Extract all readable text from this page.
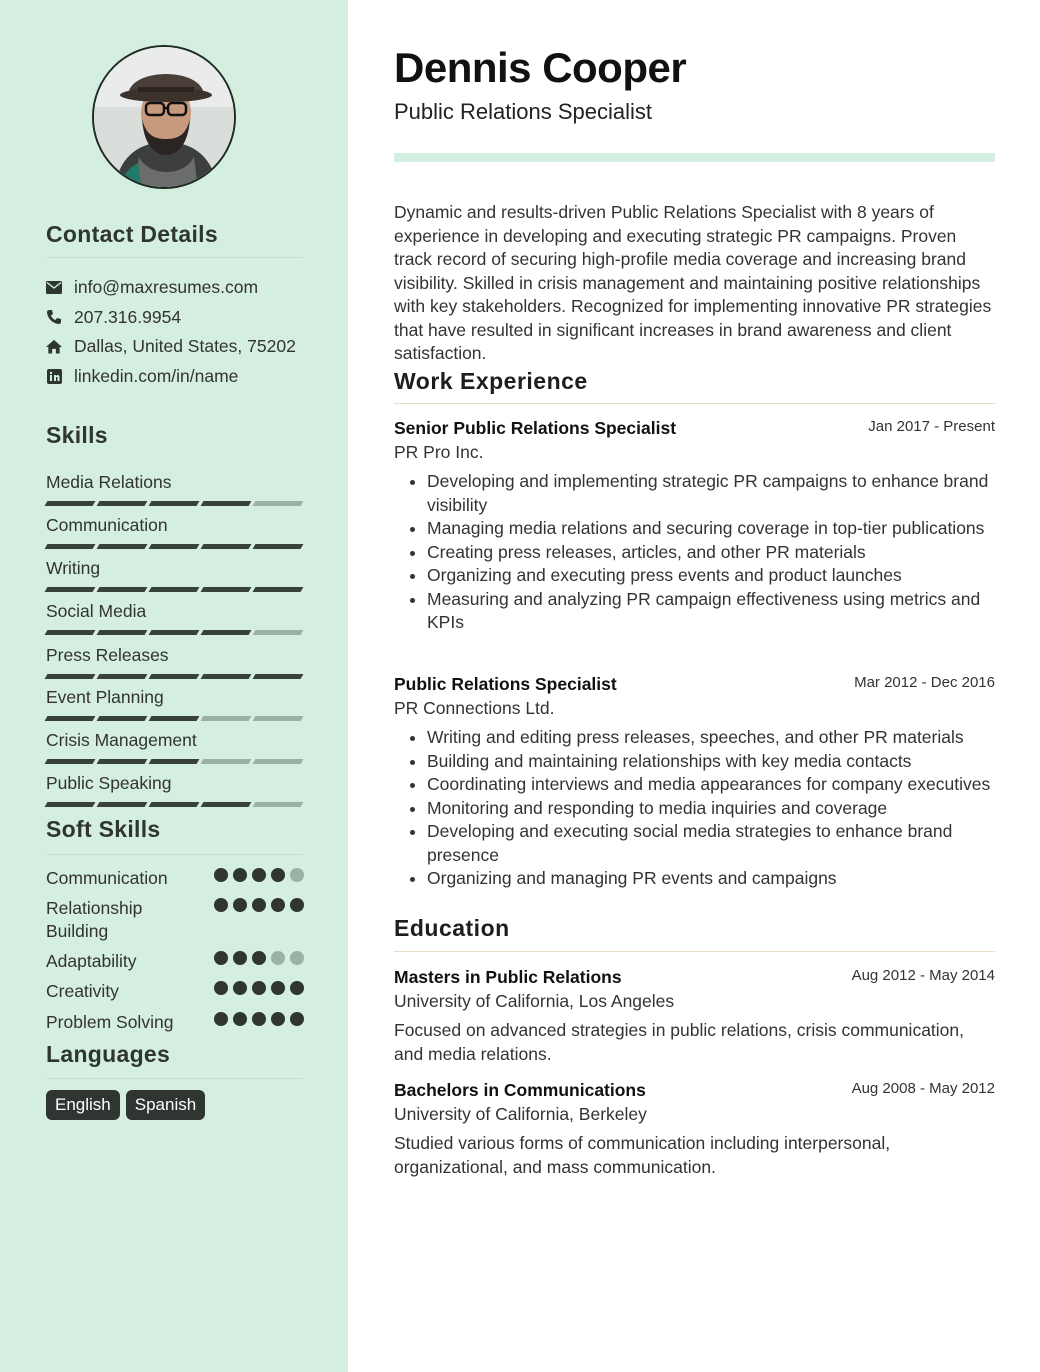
Contact Details
info@maxresumes.com
207.316.9954
Dallas, United States, 75202
linkedin.com/in/name
Skills
Media Relations
Communication
Writing
Social Media
Press Releases
Event Planning
Crisis Management
Public Speaking
Soft Skills
Communication
Relationship Building
Adaptability
Creativity
Problem Solving
Languages
English	Spanish
Dennis Cooper
Public Relations Specialist
Dynamic and results-driven Public Relations Specialist with 8 years of experience in developing and executing strategic PR campaigns. Proven track record of securing high-profile media coverage and increasing brand visibility. Skilled in crisis management and maintaining positive relationships with key stakeholders. Recognized for implementing innovative PR strategies that have resulted in significant increases in brand awareness and client satisfaction.
Work Experience
Senior Public Relations Specialist	Jan 2017 - Present
PR Pro Inc.
• Developing and implementing strategic PR campaigns to enhance brand visibility
• Managing media relations and securing coverage in top-tier publications
• Creating press releases, articles, and other PR materials
• Organizing and executing press events and product launches
• Measuring and analyzing PR campaign effectiveness using metrics and KPIs
Public Relations Specialist	Mar 2012 - Dec 2016
PR Connections Ltd.
• Writing and editing press releases, speeches, and other PR materials
• Building and maintaining relationships with key media contacts
• Coordinating interviews and media appearances for company executives
• Monitoring and responding to media inquiries and coverage
• Developing and executing social media strategies to enhance brand presence
• Organizing and managing PR events and campaigns
Education
Masters in Public Relations	Aug 2012 - May 2014
University of California, Los Angeles
Focused on advanced strategies in public relations, crisis communication, and media relations.
Bachelors in Communications	Aug 2008 - May 2012
University of California, Berkeley
Studied various forms of communication including interpersonal, organizational, and mass communication.
